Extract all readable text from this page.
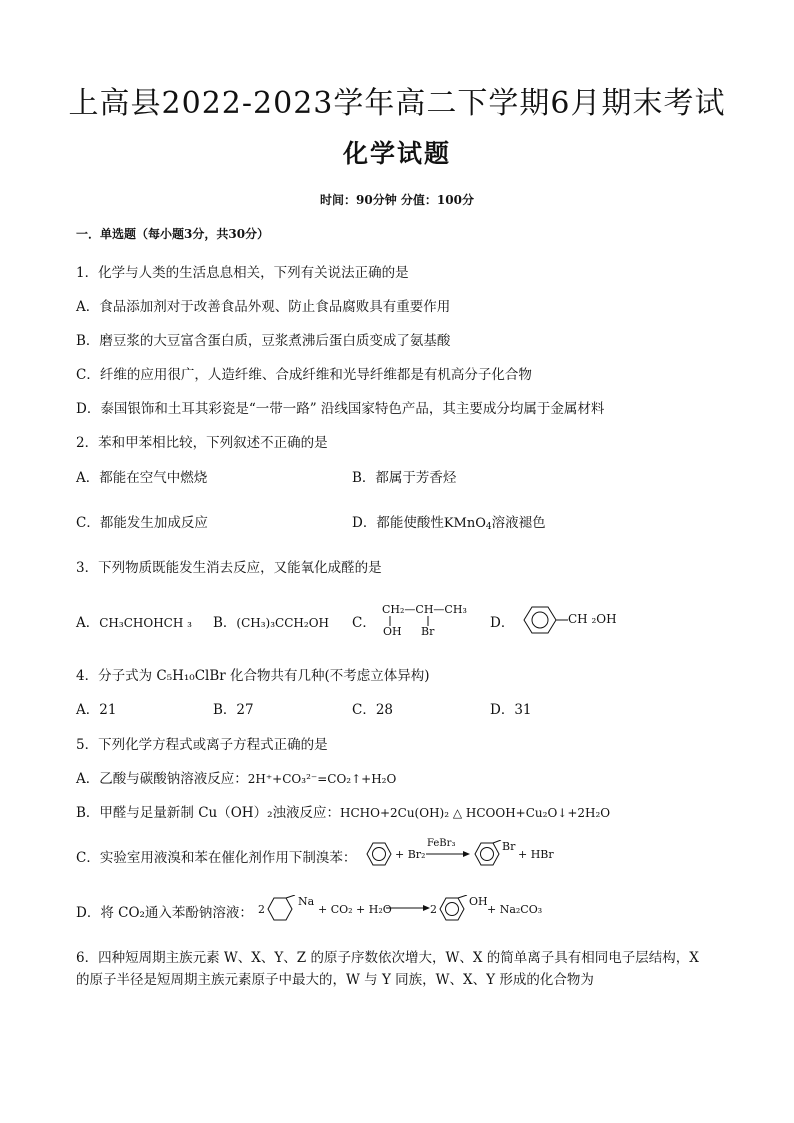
上高县2022-2023学年高二下学期6月期末考试
化学试题
时间：90分钟 分值：100分
一．单选题（每小题3分，共30分）
1．化学与人类的生活息息相关，下列有关说法正确的是
A．食品添加剂对于改善食品外观、防止食品腐败具有重要作用
B．磨豆浆的大豆富含蛋白质，豆浆煮沸后蛋白质变成了氨基酸
C．纤维的应用很广，人造纤维、合成纤维和光导纤维都是有机高分子化合物
D．泰国银饰和土耳其彩瓷是“一带一路” 沿线国家特色产品，其主要成分均属于金属材料
2．苯和甲苯相比较，下列叙述不正确的是
A．都能在空气中燃烧	B．都属于芳香烃
C．都能发生加成反应	D．都能使酸性KMnO$_4$溶液褪色
3．下列物质既能发生消去反应，又能氧化成醛的是
A．CH₃CHOHCH ₃ B．(CH₃)₃CCH₂OH C．
CH₂—CH—CH₃
OH Br
D．	CH ₂OH
4．分子式为 C₅H₁₀ClBr 化合物共有几种(不考虑立体异构)
A．21	B．27	C．28	D．31
5．下列化学方程式或离子方程式正确的是
A．乙酸与碳酸钠溶液反应：2H⁺+CO₃²⁻=CO₂↑+H₂O
B．甲醛与足量新制 Cu（OH）₂浊液反应：HCHO+2Cu(OH)₂ △ HCOOH+Cu₂O↓+2H₂O
C．实验室用液溴和苯在催化剂作用下制溴苯：	+ Br₂
FeBr₃	Br
+ HBr
D．将 CO₂通入苯酚钠溶液： 2
Na
+ CO₂ + H₂O → 2
OH
+ Na₂CO₃
6．四种短周期主族元素 W、X、Y、Z 的原子序数依次增大，W、X 的简单离子具有相同电子层结构，X
的原子半径是短周期主族元素原子中最大的，W 与 Y 同族，W、X、Y 形成的化合物为
